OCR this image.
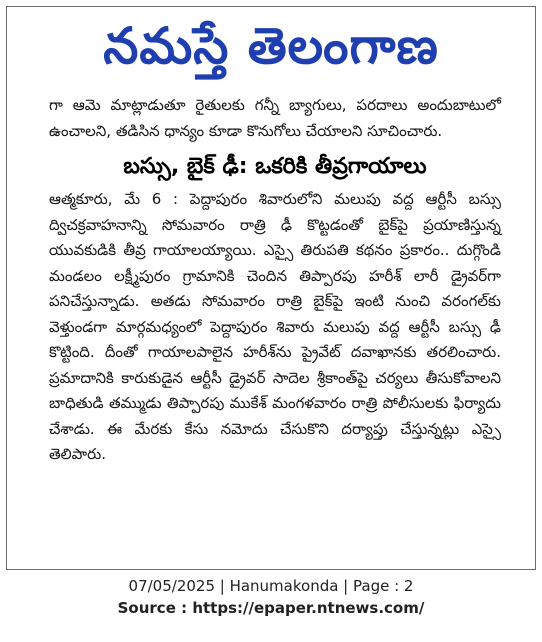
నమస్తే తెలంగాణ

గా ఆమె మాట్లాడుతూ రైతులకు గన్నీ బ్యాగులు, పరదాలు అందుబాటులో ఉంచాలని, తడిసిన ధాన్యం కూడా కొనుగోలు చేయాలని సూచించారు.

బస్సు, బైక్ ఢీ: ఒకరికి తీవ్రగాయాలు

ఆత్మకూరు, మే 6 : పెద్దాపురం శివారులోని మలుపు వద్ద ఆర్టీసీ బస్సు ద్విచక్రవాహనాన్ని సోమవారం రాత్రి ఢీ కొట్టడంతో బైక్‌పై ప్రయాణిస్తున్న యువకుడికి తీవ్ర గాయాలయ్యాయి. ఎస్సై తిరుపతి కథనం ప్రకారం.. దుగ్గొండి మండలం లక్ష్మీపురం గ్రామానికి చెందిన తిప్పారపు హరీశ్ లారీ డ్రైవర్‌గా పనిచేస్తున్నాడు. అతడు సోమవారం రాత్రి బైక్‌పై ఇంటి నుంచి వరంగల్‌కు వెళ్తుండగా మార్గమధ్యంలో పెద్దాపురం శివారు మలుపు వద్ద ఆర్టీసీ బస్సు ఢీ కొట్టింది. దీంతో గాయాలపాలైన హరీశ్‌ను ప్రైవేట్ దవాఖానకు తరలించారు. ప్రమాదానికి కారుకుడైన ఆర్టీసీ డ్రైవర్ సాదెల శ్రీకాంత్‌పై చర్యలు తీసుకోవాలని బాధితుడి తమ్ముడు తిప్పారపు ముకేశ్ మంగళవారం రాత్రి పోలీసులకు ఫిర్యాదు చేశాడు. ఈ మేరకు కేసు నమోదు చేసుకొని దర్యాప్తు చేస్తున్నట్లు ఎస్సై తెలిపారు.

07/05/2025 | Hanumakonda | Page : 2
Source : https://epaper.ntnews.com/
